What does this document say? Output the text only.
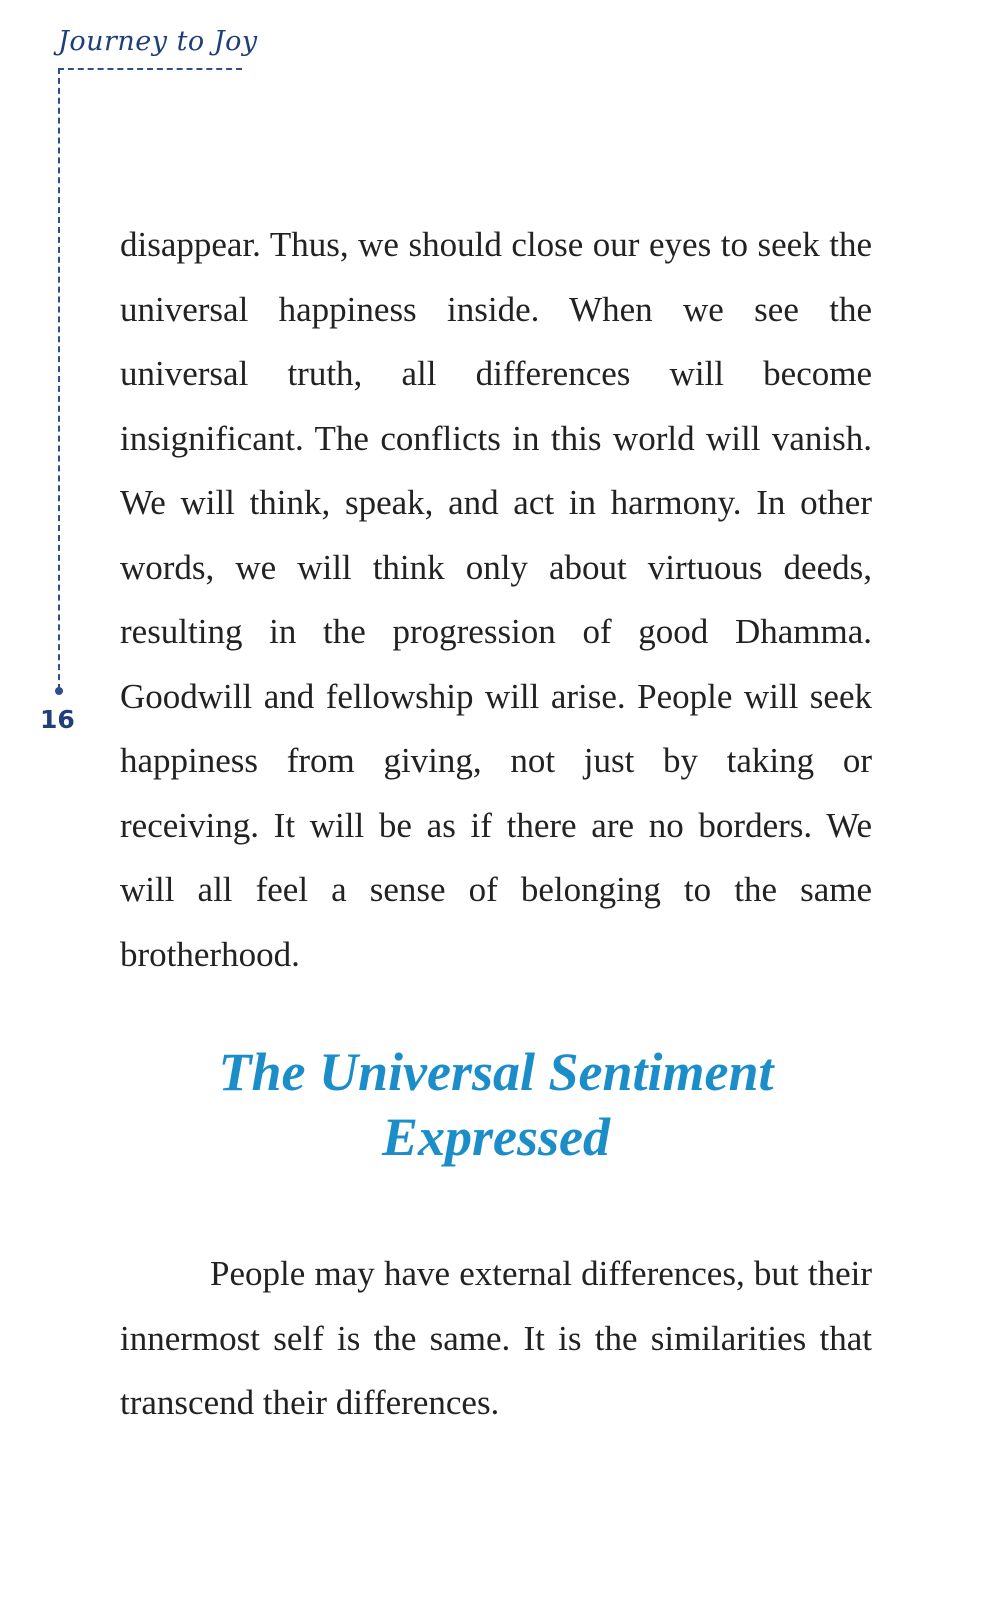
Journey to Joy
16

disappear. Thus, we should close our eyes to seek the universal happiness inside. When we see the universal truth, all differences will become insignificant. The conflicts in this world will vanish. We will think, speak, and act in harmony. In other words, we will think only about virtuous deeds, resulting in the progression of good Dhamma. Goodwill and fellowship will arise. People will seek happiness from giving, not just by taking or receiving. It will be as if there are no borders. We will all feel a sense of belonging to the same brotherhood.

The Universal Sentiment
Expressed

People may have external differences, but their innermost self is the same. It is the similarities that transcend their differences.
